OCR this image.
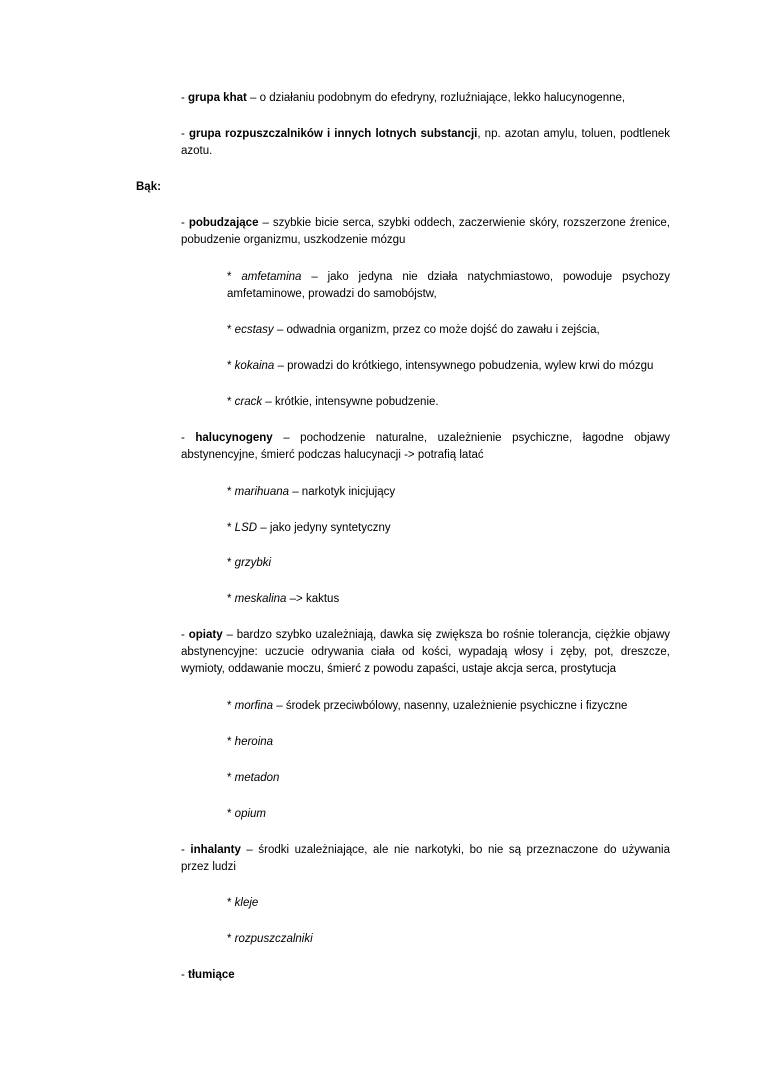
- grupa khat – o działaniu podobnym do efedryny, rozluźniające, lekko halucynogenne,

- grupa rozpuszczalników i innych lotnych substancji, np. azotan amylu, toluen, podtlenek azotu.

Bąk:

- pobudzające – szybkie bicie serca, szybki oddech, zaczerwienie skóry, rozszerzone źrenice, pobudzenie organizmu, uszkodzenie mózgu

* amfetamina – jako jedyna nie działa natychmiastowo, powoduje psychozy amfetaminowe, prowadzi do samobójstw,

* ecstasy – odwadnia organizm, przez co może dojść do zawału i zejścia,

* kokaina – prowadzi do krótkiego, intensywnego pobudzenia, wylew krwi do mózgu

* crack – krótkie, intensywne pobudzenie.

- halucynogeny – pochodzenie naturalne, uzależnienie psychiczne, łagodne objawy abstynencyjne, śmierć podczas halucynacji -> potrafią latać

* marihuana – narkotyk inicjujący

* LSD – jako jedyny syntetyczny

* grzybki

* meskalina –> kaktus

- opiaty – bardzo szybko uzależniają, dawka się zwiększa bo rośnie tolerancja, ciężkie objawy abstynencyjne: uczucie odrywania ciała od kości, wypadają włosy i zęby, pot, dreszcze, wymioty, oddawanie moczu, śmierć z powodu zapaści, ustaje akcja serca, prostytucja

* morfina – środek przeciwbólowy, nasenny, uzależnienie psychiczne i fizyczne

* heroina

* metadon

* opium

- inhalanty – środki uzależniające, ale nie narkotyki, bo nie są przeznaczone do używania przez ludzi

* kleje

* rozpuszczalniki

- tłumiące
